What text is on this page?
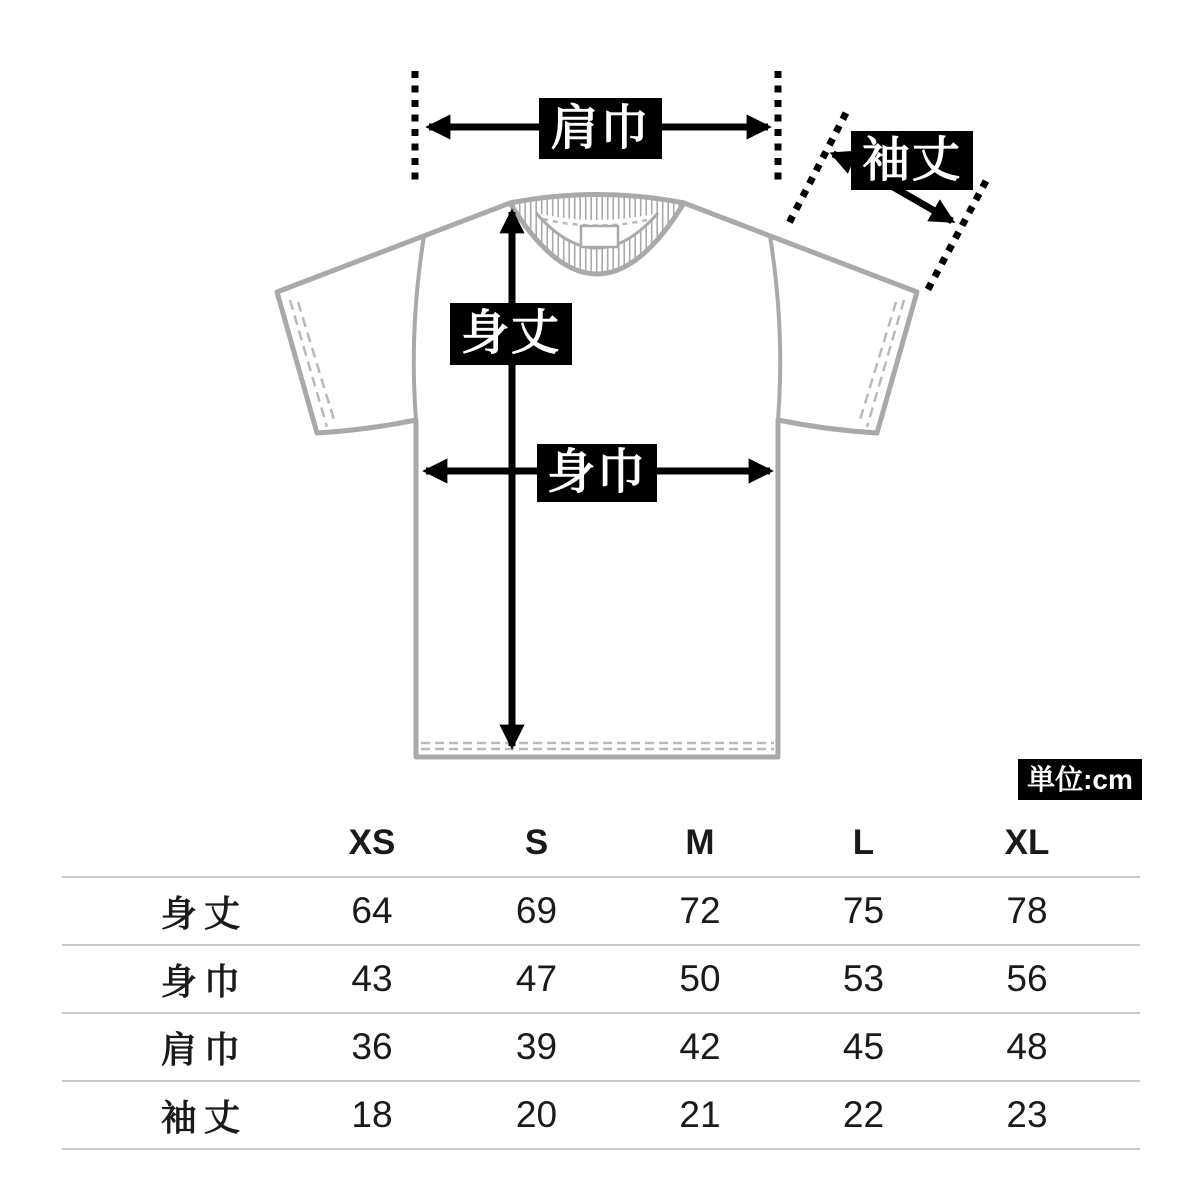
肩巾
袖丈
身丈
身巾
単位:cm
XS	S	M	L	XL
身丈	64	69	72	75	78
身巾	43	47	50	53	56
肩巾	36	39	42	45	48
袖丈	18	20	21	22	23
